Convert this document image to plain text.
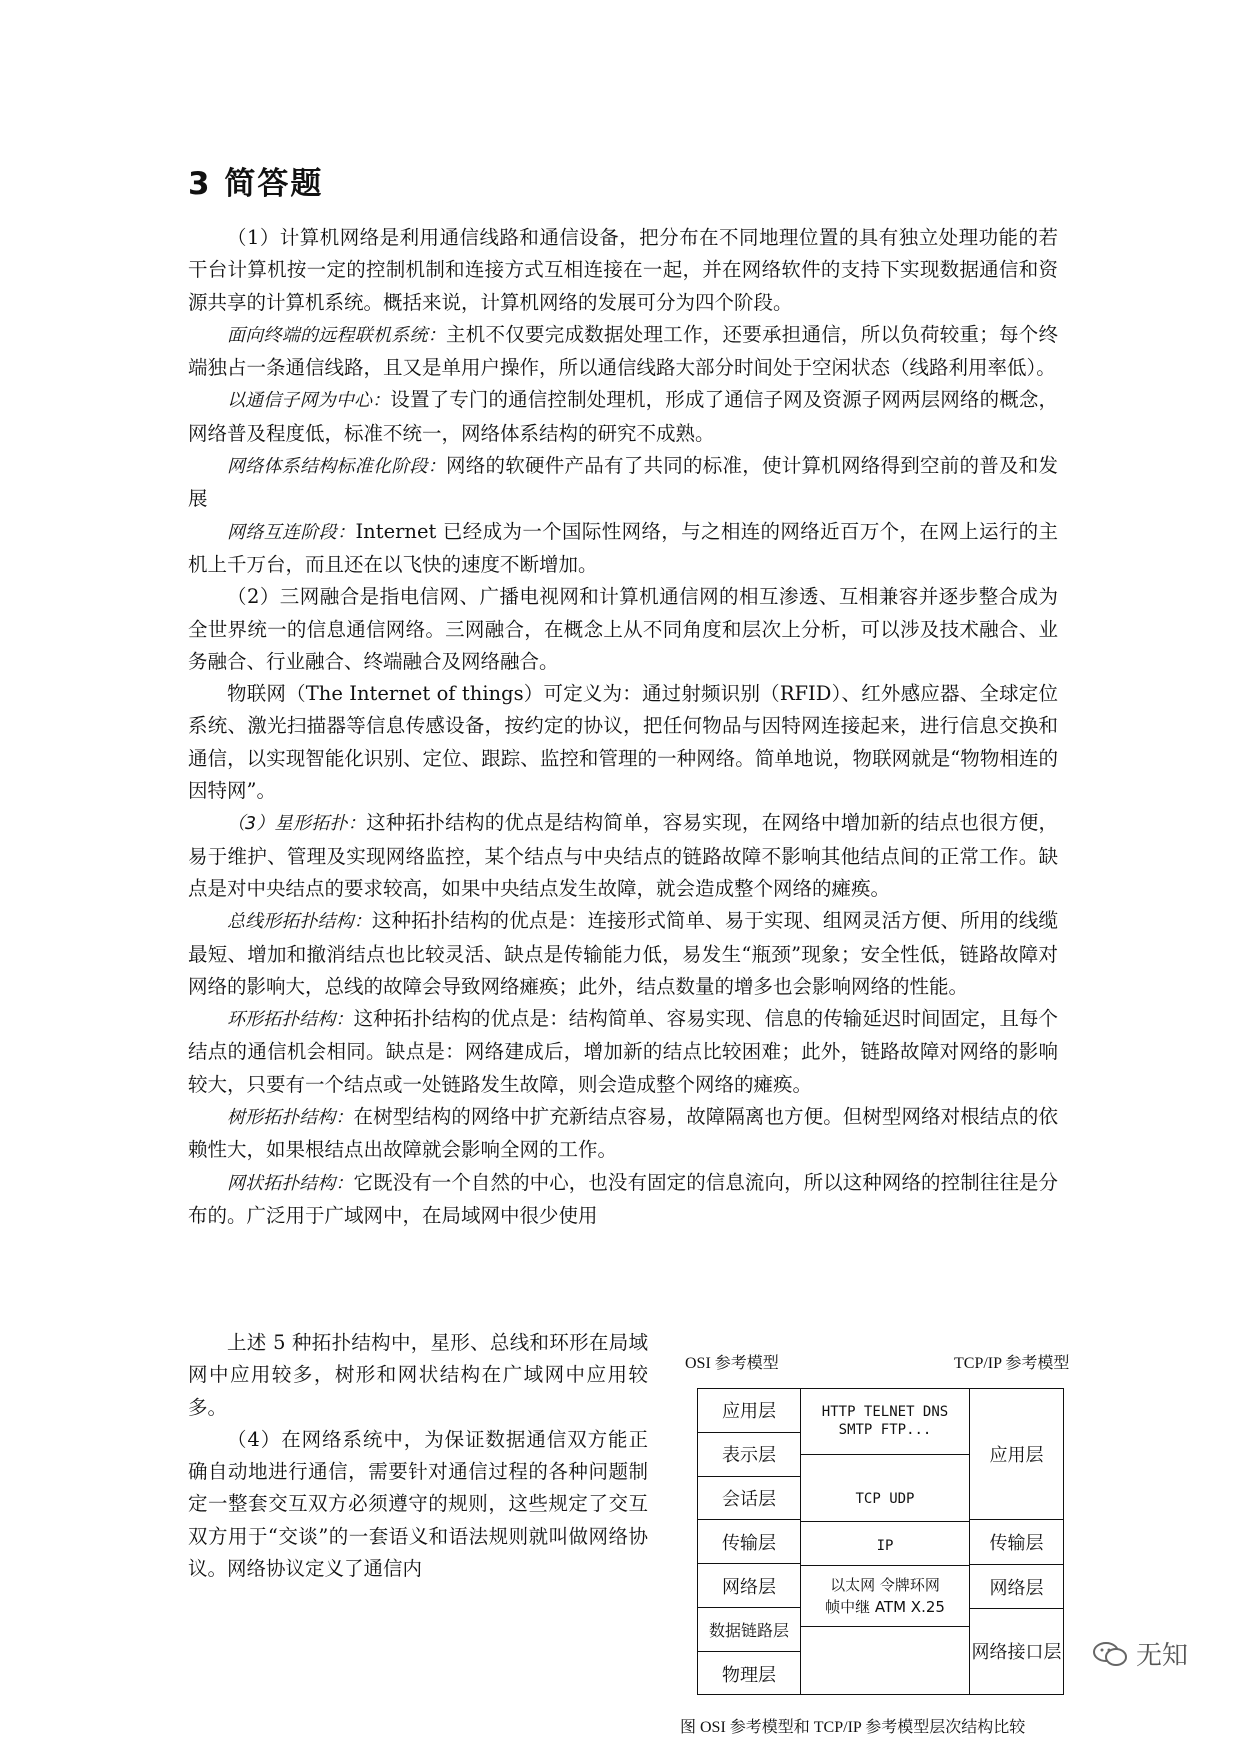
3 简答题

（1）计算机网络是利用通信线路和通信设备，把分布在不同地理位置的具有独立处理功能的若干台计算机按一定的控制机制和连接方式互相连接在一起，并在网络软件的支持下实现数据通信和资源共享的计算机系统。概括来说，计算机网络的发展可分为四个阶段。

面向终端的远程联机系统：主机不仅要完成数据处理工作，还要承担通信，所以负荷较重；每个终端独占一条通信线路，且又是单用户操作，所以通信线路大部分时间处于空闲状态（线路利用率低）。

以通信子网为中心：设置了专门的通信控制处理机，形成了通信子网及资源子网两层网络的概念，网络普及程度低，标准不统一，网络体系结构的研究不成熟。

网络体系结构标准化阶段：网络的软硬件产品有了共同的标准，使计算机网络得到空前的普及和发展

网络互连阶段：Internet 已经成为一个国际性网络，与之相连的网络近百万个，在网上运行的主机上千万台，而且还在以飞快的速度不断增加。

（2）三网融合是指电信网、广播电视网和计算机通信网的相互渗透、互相兼容并逐步整合成为全世界统一的信息通信网络。三网融合，在概念上从不同角度和层次上分析，可以涉及技术融合、业务融合、行业融合、终端融合及网络融合。

物联网（The Internet of things）可定义为：通过射频识别（RFID）、红外感应器、全球定位系统、激光扫描器等信息传感设备，按约定的协议，把任何物品与因特网连接起来，进行信息交换和通信，以实现智能化识别、定位、跟踪、监控和管理的一种网络。简单地说，物联网就是“物物相连的因特网”。

（3）星形拓扑：这种拓扑结构的优点是结构简单，容易实现，在网络中增加新的结点也很方便，易于维护、管理及实现网络监控，某个结点与中央结点的链路故障不影响其他结点间的正常工作。缺点是对中央结点的要求较高，如果中央结点发生故障，就会造成整个网络的瘫痪。

总线形拓扑结构：这种拓扑结构的优点是：连接形式简单、易于实现、组网灵活方便、所用的线缆最短、增加和撤消结点也比较灵活、缺点是传输能力低，易发生“瓶颈”现象；安全性低，链路故障对网络的影响大，总线的故障会导致网络瘫痪；此外，结点数量的增多也会影响网络的性能。

环形拓扑结构：这种拓扑结构的优点是：结构简单、容易实现、信息的传输延迟时间固定，且每个结点的通信机会相同。缺点是：网络建成后，增加新的结点比较困难；此外，链路故障对网络的影响较大，只要有一个结点或一处链路发生故障，则会造成整个网络的瘫痪。

树形拓扑结构：在树型结构的网络中扩充新结点容易，故障隔离也方便。但树型网络对根结点的依赖性大，如果根结点出故障就会影响全网的工作。

网状拓扑结构：它既没有一个自然的中心，也没有固定的信息流向，所以这种网络的控制往往是分布的。广泛用于广域网中，在局域网中很少使用

上述 5 种拓扑结构中，星形、总线和环形在局域网中应用较多，树形和网状结构在广域网中应用较多。

（4）在网络系统中，为保证数据通信双方能正确自动地进行通信，需要针对通信过程的各种问题制定一整套交互双方必须遵守的规则，这些规定了交互双方用于“交谈”的一套语义和语法规则就叫做网络协议。网络协议定义了通信内

OSI 参考模型	TCP/IP 参考模型
应用层
表示层
会话层
传输层
网络层
数据链路层
物理层
HTTP TELNET DNS
SMTP FTP...
TCP UDP
IP
以太网 令牌环网
帧中继 ATM X.25
应用层
传输层
网络层
网络接口层
图 OSI 参考模型和 TCP/IP 参考模型层次结构比较
无知
